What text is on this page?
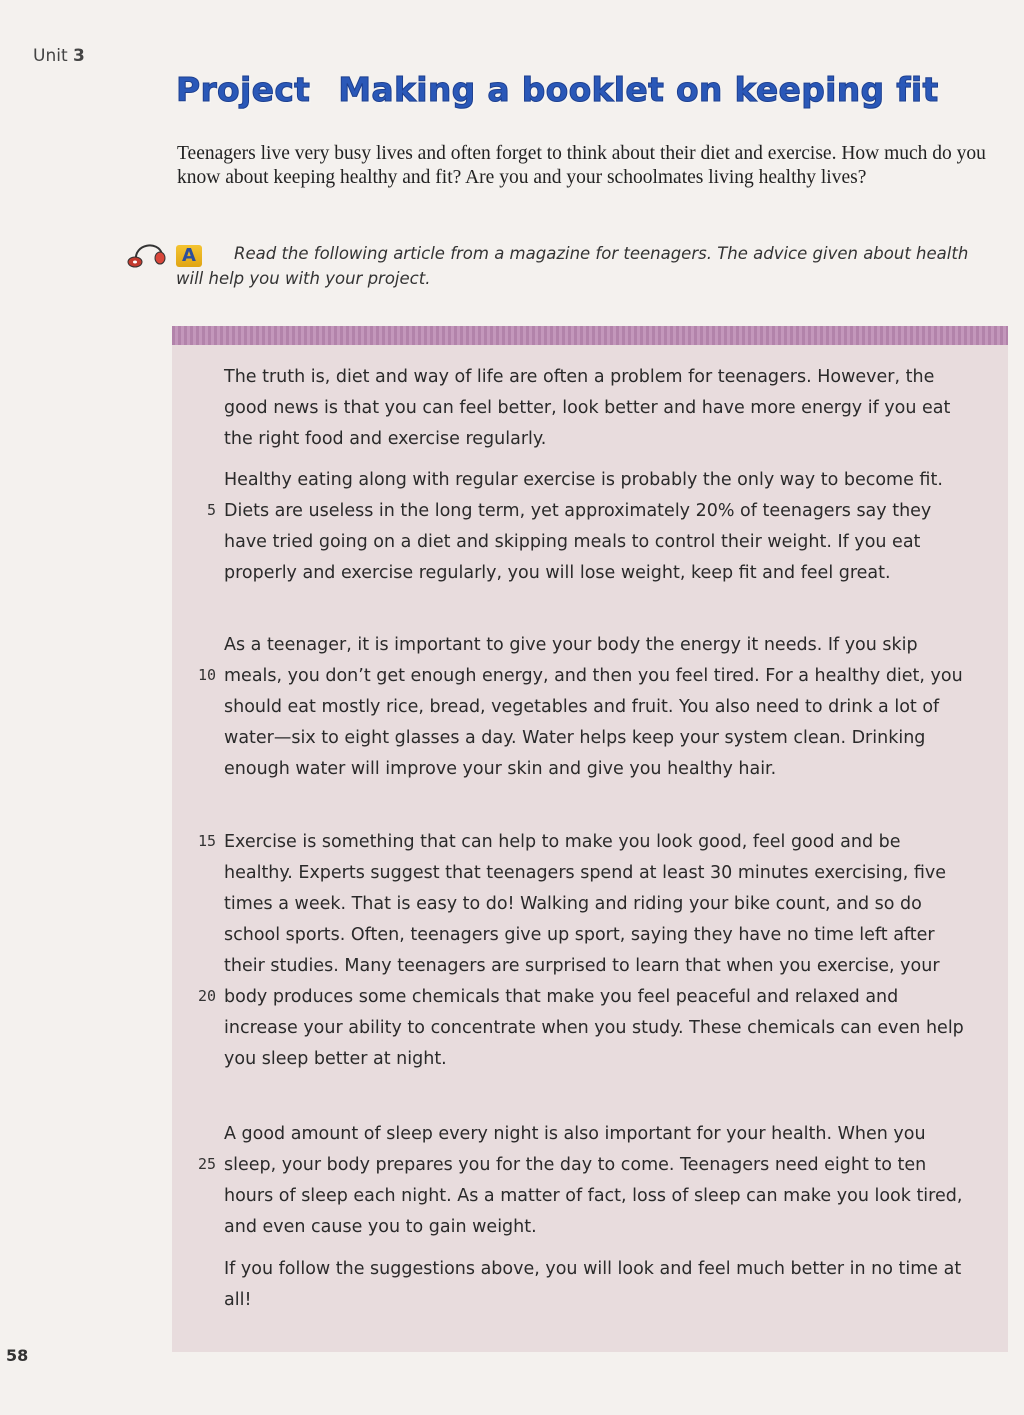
Unit 3
Project Making a booklet on keeping fit
Teenagers live very busy lives and often forget to think about their diet and exercise. How much do you know about keeping healthy and fit? Are you and your schoolmates living healthy lives?
A Read the following article from a magazine for teenagers. The advice given about health will help you with your project.

The truth is, diet and way of life are often a problem for teenagers. However, the good news is that you can feel better, look better and have more energy if you eat the right food and exercise regularly.

Healthy eating along with regular exercise is probably the only way to become fit. Diets are useless in the long term, yet approximately 20% of teenagers say they have tried going on a diet and skipping meals to control their weight. If you eat properly and exercise regularly, you will lose weight, keep fit and feel great.

As a teenager, it is important to give your body the energy it needs. If you skip meals, you don’t get enough energy, and then you feel tired. For a healthy diet, you should eat mostly rice, bread, vegetables and fruit. You also need to drink a lot of water—six to eight glasses a day. Water helps keep your system clean. Drinking enough water will improve your skin and give you healthy hair.

Exercise is something that can help to make you look good, feel good and be healthy. Experts suggest that teenagers spend at least 30 minutes exercising, five times a week. That is easy to do! Walking and riding your bike count, and so do school sports. Often, teenagers give up sport, saying they have no time left after their studies. Many teenagers are surprised to learn that when you exercise, your body produces some chemicals that make you feel peaceful and relaxed and increase your ability to concentrate when you study. These chemicals can even help you sleep better at night.

A good amount of sleep every night is also important for your health. When you sleep, your body prepares you for the day to come. Teenagers need eight to ten hours of sleep each night. As a matter of fact, loss of sleep can make you look tired, and even cause you to gain weight.

If you follow the suggestions above, you will look and feel much better in no time at all!

5
10
15
20
25
58
